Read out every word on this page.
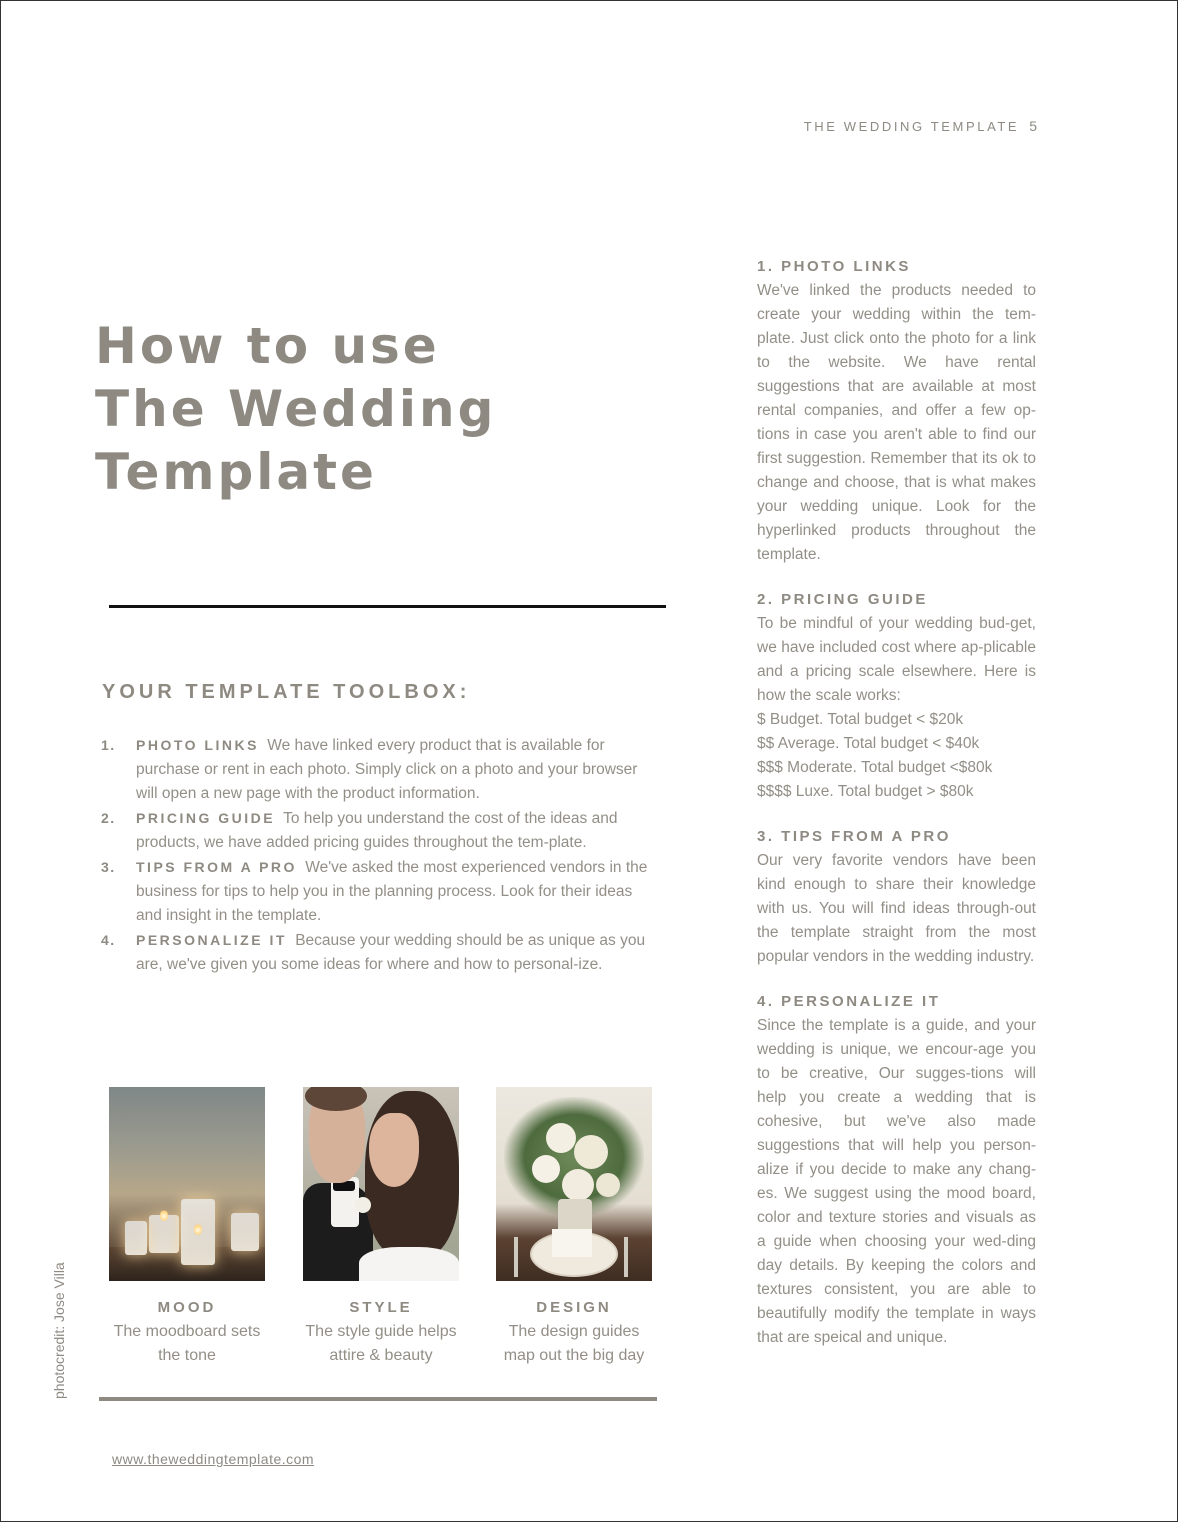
THE WEDDING TEMPLATE 5
How to use
The Wedding
Template
YOUR TEMPLATE TOOLBOX:
1. PHOTO LINKS We have linked every product that is available for purchase or rent in each photo. Simply click on a photo and your browser will open a new page with the product information.
2. PRICING GUIDE To help you understand the cost of the ideas and products, we have added pricing guides throughout the tem-plate.
3. TIPS FROM A PRO We've asked the most experienced vendors in the business for tips to help you in the planning process. Look for their ideas and insight in the template.
4. PERSONALIZE IT Because your wedding should be as unique as you are, we've given you some ideas for where and how to personal-ize.
MOOD
The moodboard sets
the tone
STYLE
The style guide helps
attire & beauty
DESIGN
The design guides
map out the big day
www.theweddingtemplate.com
photocredit: Jose Villa
1. PHOTO LINKS

We've linked the products needed to create your wedding within the tem-plate. Just click onto the photo for a link to the website. We have rental suggestions that are available at most rental companies, and offer a few op-tions in case you aren't able to find our first suggestion. Remember that its ok to change and choose, that is what makes your wedding unique. Look for the hyperlinked products throughout the template.

2. PRICING GUIDE

To be mindful of your wedding bud-get, we have included cost where ap-plicable and a pricing scale elsewhere. Here is how the scale works:

$ Budget. Total budget < $20k
$$ Average. Total budget < $40k
$$$ Moderate. Total budget <$80k
$$$$ Luxe. Total budget > $80k
3. TIPS FROM A PRO

Our very favorite vendors have been kind enough to share their knowledge with us. You will find ideas through-out the template straight from the most popular vendors in the wedding industry.

4. PERSONALIZE IT

Since the template is a guide, and your wedding is unique, we encour-age you to be creative, Our sugges-tions will help you create a wedding that is cohesive, but we've also made suggestions that will help you person-alize if you decide to make any chang-es. We suggest using the mood board, color and texture stories and visuals as a guide when choosing your wed-ding day details. By keeping the colors and textures consistent, you are able to beautifully modify the template in ways that are speical and unique.
